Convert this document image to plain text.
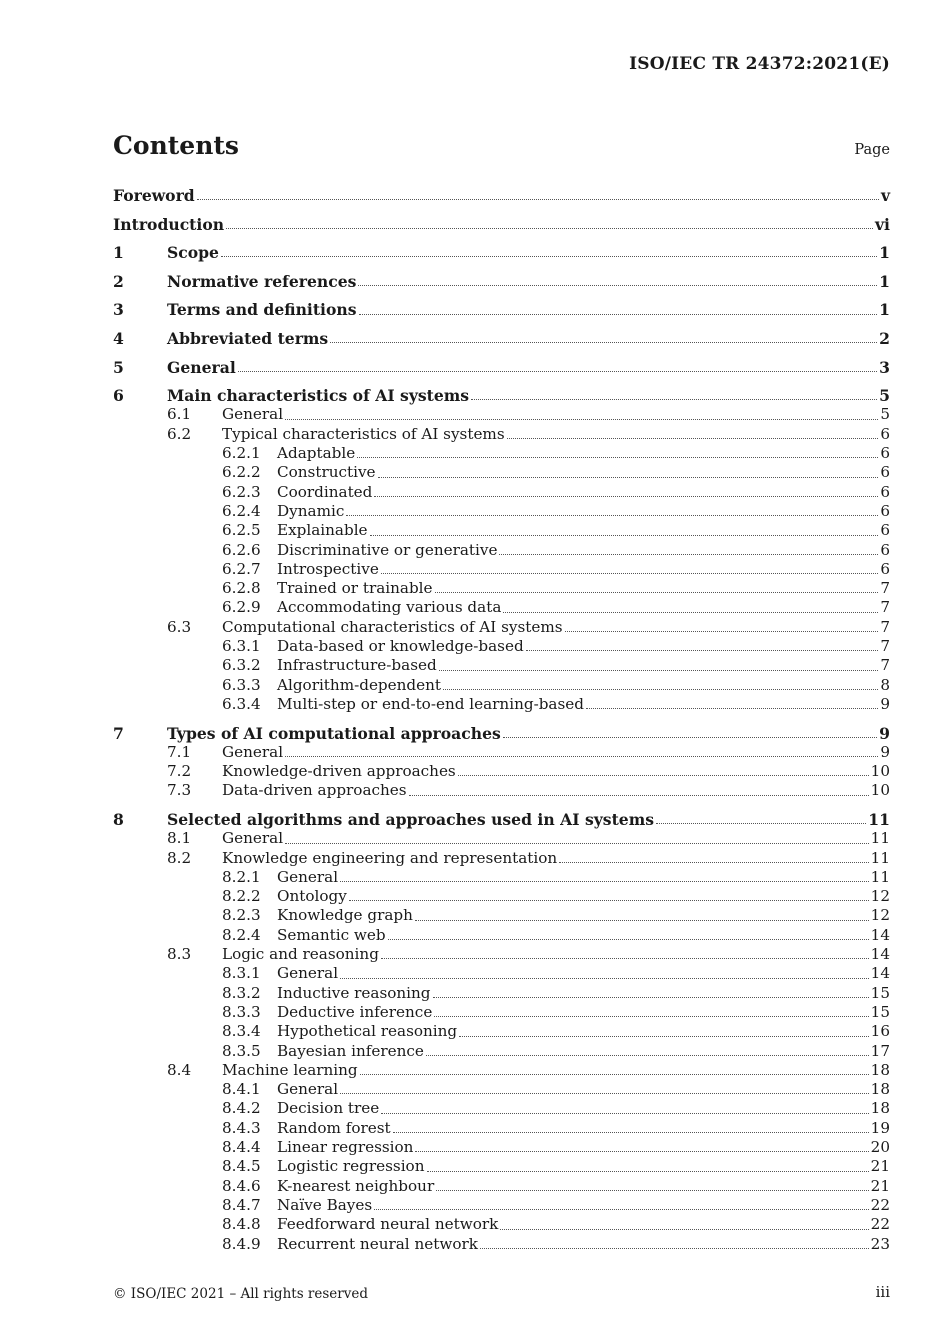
ISO/IEC TR 24372:2021(E)
Contents	Page
Foreword	v
Introduction	vi
1	Scope	1
2	Normative references	1
3	Terms and definitions	1
4	Abbreviated terms	2
5	General	3
6	Main characteristics of AI systems	5
6.1	General	5
6.2	Typical characteristics of AI systems	6
6.2.1	Adaptable	6
6.2.2	Constructive	6
6.2.3	Coordinated	6
6.2.4	Dynamic	6
6.2.5	Explainable	6
6.2.6	Discriminative or generative	6
6.2.7	Introspective	6
6.2.8	Trained or trainable	7
6.2.9	Accommodating various data	7
6.3	Computational characteristics of AI systems	7
6.3.1	Data-based or knowledge-based	7
6.3.2	Infrastructure-based	7
6.3.3	Algorithm-dependent	8
6.3.4	Multi-step or end-to-end learning-based	9
7	Types of AI computational approaches	9
7.1	General	9
7.2	Knowledge-driven approaches	10
7.3	Data-driven approaches	10
8	Selected algorithms and approaches used in AI systems	11
8.1	General	11
8.2	Knowledge engineering and representation	11
8.2.1	General	11
8.2.2	Ontology	12
8.2.3	Knowledge graph	12
8.2.4	Semantic web	14
8.3	Logic and reasoning	14
8.3.1	General	14
8.3.2	Inductive reasoning	15
8.3.3	Deductive inference	15
8.3.4	Hypothetical reasoning	16
8.3.5	Bayesian inference	17
8.4	Machine learning	18
8.4.1	General	18
8.4.2	Decision tree	18
8.4.3	Random forest	19
8.4.4	Linear regression	20
8.4.5	Logistic regression	21
8.4.6	K-nearest neighbour	21
8.4.7	Naïve Bayes	22
8.4.8	Feedforward neural network	22
8.4.9	Recurrent neural network	23
© ISO/IEC 2021 – All rights reserved	iii
